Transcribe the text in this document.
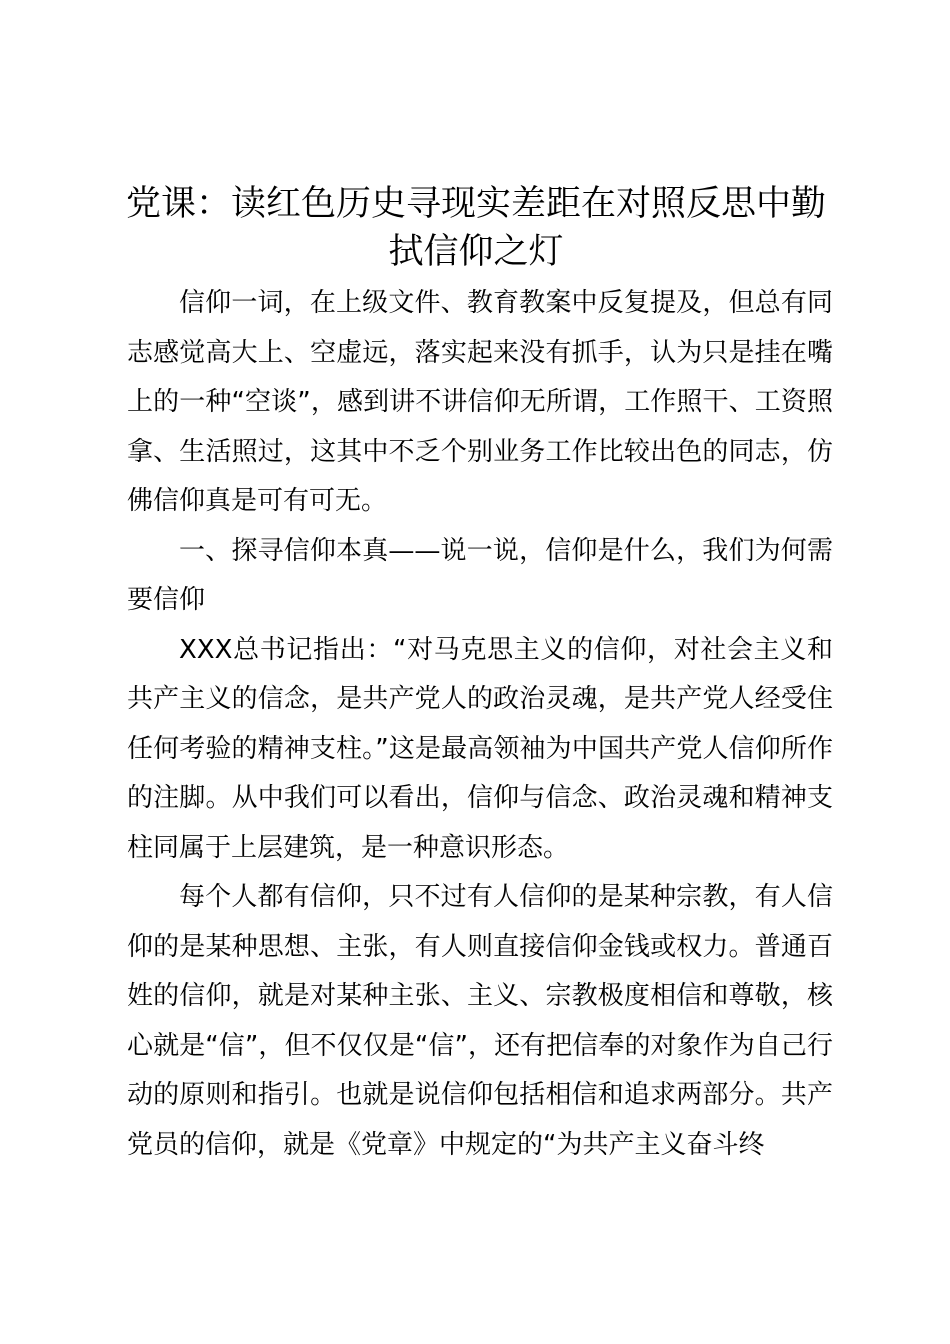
党课：读红色历史寻现实差距在对照反思中勤拭信仰之灯

信仰一词，在上级文件、教育教案中反复提及，但总有同志感觉高大上、空虚远，落实起来没有抓手，认为只是挂在嘴上的一种“空谈”，感到讲不讲信仰无所谓，工作照干、工资照拿、生活照过，这其中不乏个别业务工作比较出色的同志，仿佛信仰真是可有可无。

一、探寻信仰本真——说一说，信仰是什么，我们为何需要信仰

XXX总书记指出：“对马克思主义的信仰，对社会主义和共产主义的信念，是共产党人的政治灵魂，是共产党人经受住任何考验的精神支柱。”这是最高领袖为中国共产党人信仰所作的注脚。从中我们可以看出，信仰与信念、政治灵魂和精神支柱同属于上层建筑，是一种意识形态。

每个人都有信仰，只不过有人信仰的是某种宗教，有人信仰的是某种思想、主张，有人则直接信仰金钱或权力。普通百姓的信仰，就是对某种主张、主义、宗教极度相信和尊敬，核心就是“信”，但不仅仅是“信”，还有把信奉的对象作为自己行动的原则和指引。也就是说信仰包括相信和追求两部分。共产党员的信仰，就是《党章》中规定的“为共产主义奋斗终
